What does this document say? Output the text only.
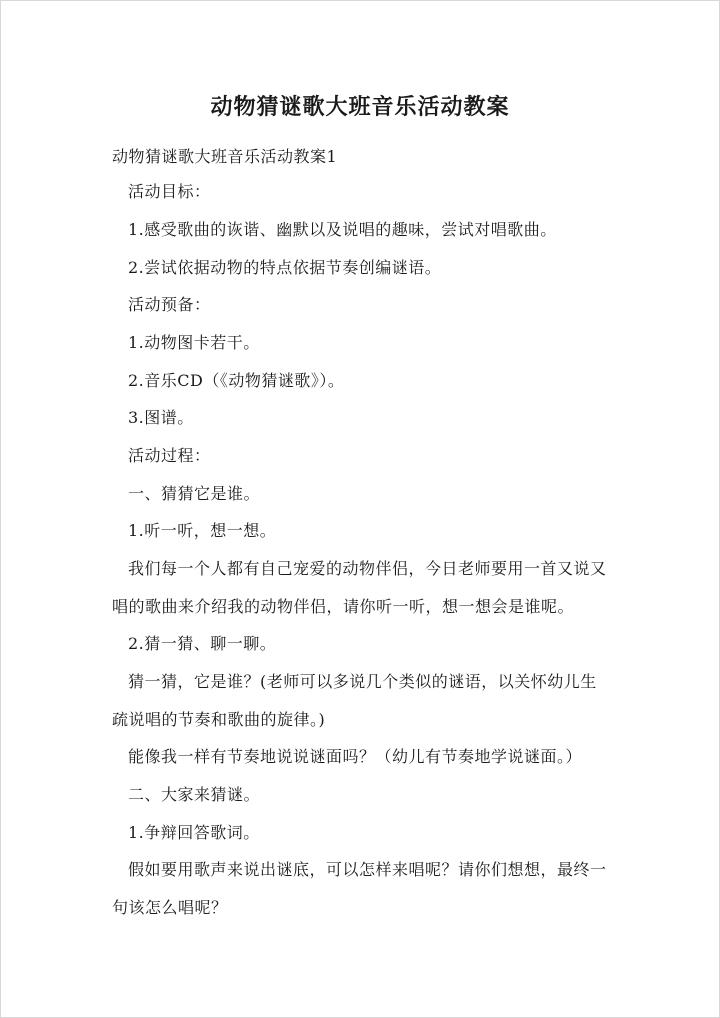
动物猜谜歌大班音乐活动教案
动物猜谜歌大班音乐活动教案1
活动目标：
1.感受歌曲的诙谐、幽默以及说唱的趣味，尝试对唱歌曲。
2.尝试依据动物的特点依据节奏创编谜语。
活动预备：
1.动物图卡若干。
2.音乐CD（《动物猜谜歌》）。
3.图谱。
活动过程：
一、猜猜它是谁。
1.听一听，想一想。
我们每一个人都有自己宠爱的动物伴侣，今日老师要用一首又说又
唱的歌曲来介绍我的动物伴侣，请你听一听，想一想会是谁呢。
2.猜一猜、聊一聊。
猜一猜，它是谁？(老师可以多说几个类似的谜语，以关怀幼儿生
疏说唱的节奏和歌曲的旋律。)
能像我一样有节奏地说说谜面吗？（幼儿有节奏地学说谜面。）
二、大家来猜谜。
1.争辩回答歌词。
假如要用歌声来说出谜底，可以怎样来唱呢？请你们想想，最终一
句该怎么唱呢？
